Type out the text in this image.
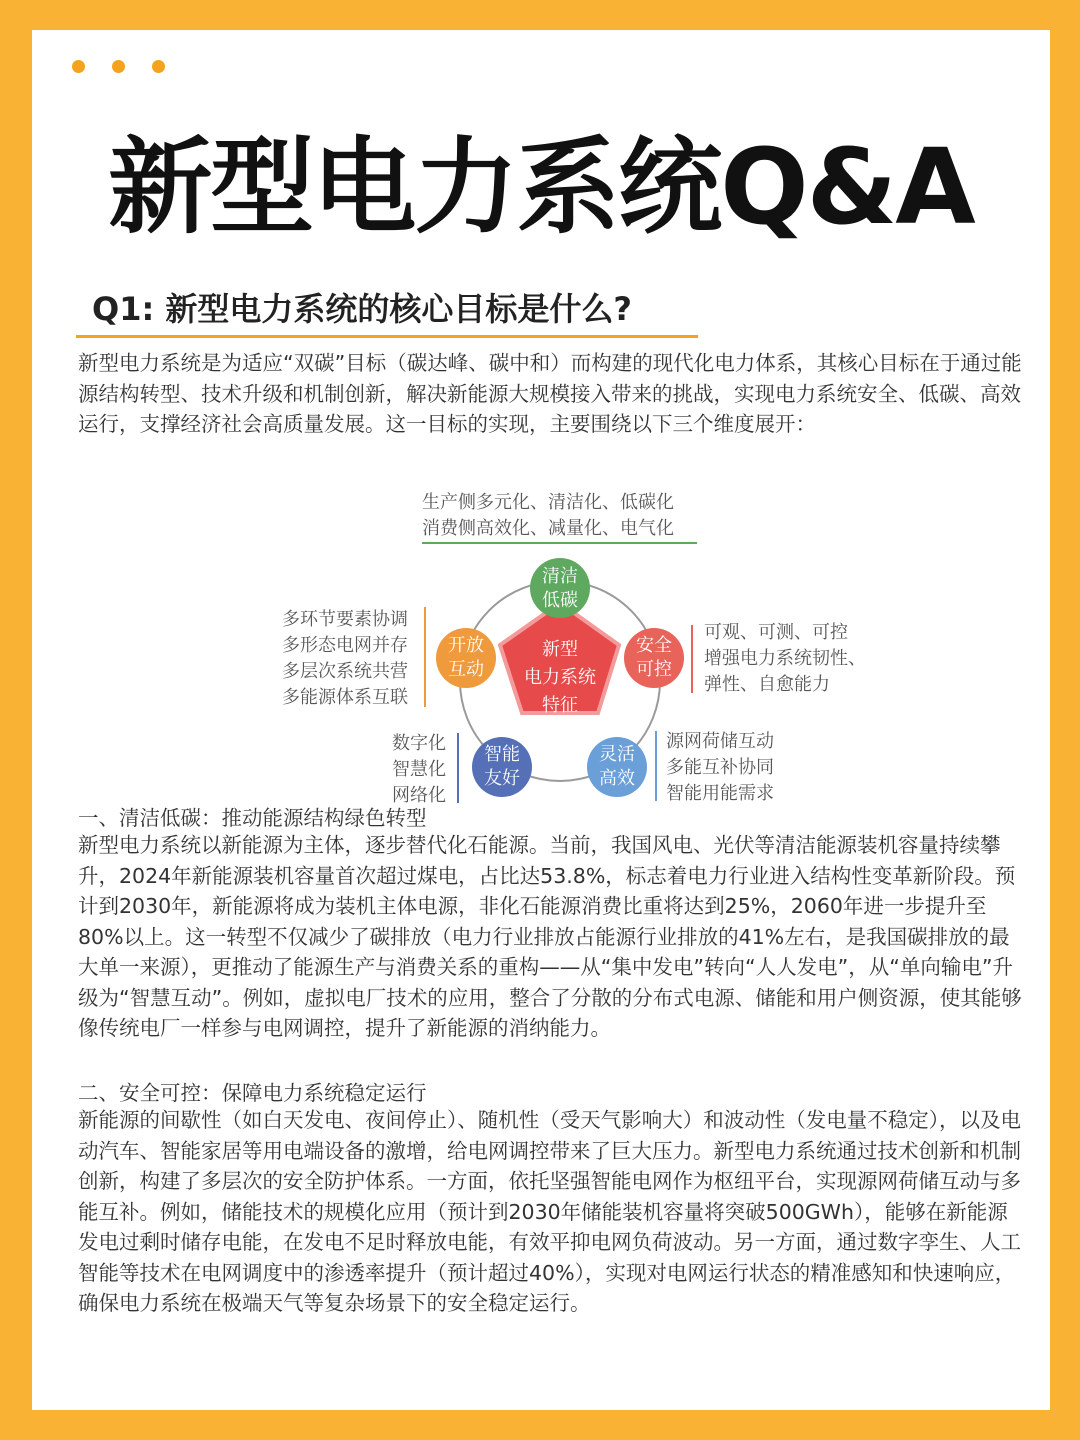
新型电力系统Q&A
Q1: 新型电力系统的核心目标是什么?

新型电力系统是为适应“双碳”目标（碳达峰、碳中和）而构建的现代化电力体系，其核心目标在于通过能源结构转型、技术升级和机制创新，解决新能源大规模接入带来的挑战，实现电力系统安全、低碳、高效运行，支撑经济社会高质量发展。这一目标的实现，主要围绕以下三个维度展开：

新型
电力系统
特征
清洁
低碳
生产侧多元化、清洁化、低碳化
消费侧高效化、减量化、电气化
安全
可控
可观、可测、可控
增强电力系统韧性、
弹性、自愈能力
灵活
高效
源网荷储互动
多能互补协同
智能用能需求
智能
友好
数字化
智慧化
网络化
开放
互动
多环节要素协调
多形态电网并存
多层次系统共营
多能源体系互联
一、清洁低碳：推动能源结构绿色转型

新型电力系统以新能源为主体，逐步替代化石能源。当前，我国风电、光伏等清洁能源装机容量持续攀升，2024年新能源装机容量首次超过煤电，占比达53.8%，标志着电力行业进入结构性变革新阶段。预计到2030年，新能源将成为装机主体电源，非化石能源消费比重将达到25%，2060年进一步提升至80%以上。这一转型不仅减少了碳排放（电力行业排放占能源行业排放的41%左右，是我国碳排放的最大单一来源），更推动了能源生产与消费关系的重构——从“集中发电”转向“人人发电”，从“单向输电”升级为“智慧互动”。例如，虚拟电厂技术的应用，整合了分散的分布式电源、储能和用户侧资源，使其能够像传统电厂一样参与电网调控，提升了新能源的消纳能力。

二、安全可控：保障电力系统稳定运行

新能源的间歇性（如白天发电、夜间停止）、随机性（受天气影响大）和波动性（发电量不稳定），以及电动汽车、智能家居等用电端设备的激增，给电网调控带来了巨大压力。新型电力系统通过技术创新和机制创新，构建了多层次的安全防护体系。一方面，依托坚强智能电网作为枢纽平台，实现源网荷储互动与多能互补。例如，储能技术的规模化应用（预计到2030年储能装机容量将突破500GWh），能够在新能源发电过剩时储存电能，在发电不足时释放电能，有效平抑电网负荷波动。另一方面，通过数字孪生、人工智能等技术在电网调度中的渗透率提升（预计超过40%），实现对电网运行状态的精准感知和快速响应，确保电力系统在极端天气等复杂场景下的安全稳定运行。
